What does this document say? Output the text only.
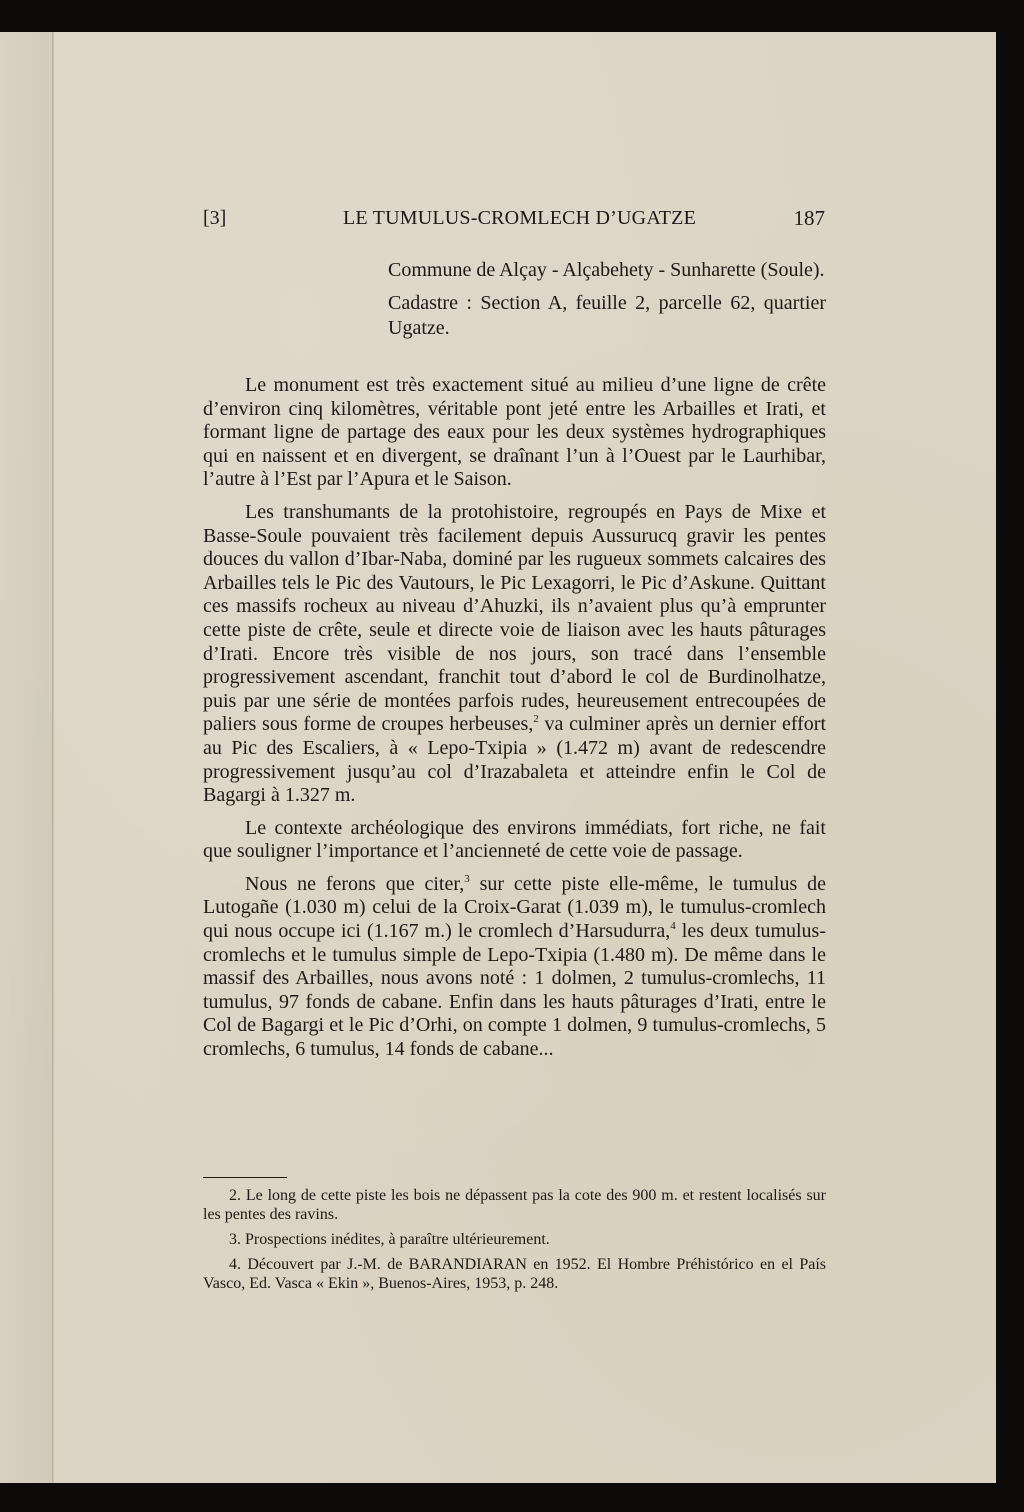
[3]	LE TUMULUS-CROMLECH D’UGATZE	187

Commune de Alçay - Alçabehety - Sunharette (Soule).

Cadastre : Section A, feuille 2, parcelle 62, quartier Ugatze.

Le monument est très exactement situé au milieu d’une ligne de crête d’environ cinq kilomètres, véritable pont jeté entre les Arbailles et Irati, et formant ligne de partage des eaux pour les deux systèmes hydrographiques qui en naissent et en divergent, se draînant l’un à l’Ouest par le Laurhibar, l’autre à l’Est par l’Apura et le Saison.

Les transhumants de la protohistoire, regroupés en Pays de Mixe et Basse-Soule pouvaient très facilement depuis Aussurucq gravir les pentes douces du vallon d’Ibar-Naba, dominé par les rugueux sommets calcaires des Arbailles tels le Pic des Vautours, le Pic Lexagorri, le Pic d’Askune. Quittant ces massifs rocheux au niveau d’Ahuzki, ils n’avaient plus qu’à emprunter cette piste de crête, seule et directe voie de liaison avec les hauts pâturages d’Irati. Encore très visible de nos jours, son tracé dans l’ensemble progressivement ascendant, franchit tout d’abord le col de Burdinolhatze, puis par une série de montées parfois rudes, heureusement entrecoupées de paliers sous forme de croupes herbeuses,$^2$ va culminer après un dernier effort au Pic des Escaliers, à « Lepo-Txipia » (1.472 m) avant de redescendre progressivement jusqu’au col d’Irazabaleta et atteindre enfin le Col de Bagargi à 1.327 m.

Le contexte archéologique des environs immédiats, fort riche, ne fait que souligner l’importance et l’ancienneté de cette voie de passage.

Nous ne ferons que citer,$^3$ sur cette piste elle-même, le tumulus de Lutogañe (1.030 m) celui de la Croix-Garat (1.039 m), le tumulus-cromlech qui nous occupe ici (1.167 m.) le cromlech d’Harsudurra,$^4$ les deux tumulus-cromlechs et le tumulus simple de Lepo-Txipia (1.480 m). De même dans le massif des Arbailles, nous avons noté : 1 dolmen, 2 tumulus-cromlechs, 11 tumulus, 97 fonds de cabane. Enfin dans les hauts pâturages d’Irati, entre le Col de Bagargi et le Pic d’Orhi, on compte 1 dolmen, 9 tumulus-cromlechs, 5 cromlechs, 6 tumulus, 14 fonds de cabane...

2. Le long de cette piste les bois ne dépassent pas la cote des 900 m. et restent localisés sur les pentes des ravins.

3. Prospections inédites, à paraître ultérieurement.

4. Découvert par J.-M. de BARANDIARAN en 1952. El Hombre Préhistórico en el País Vasco, Ed. Vasca « Ekin », Buenos-Aires, 1953, p. 248.
